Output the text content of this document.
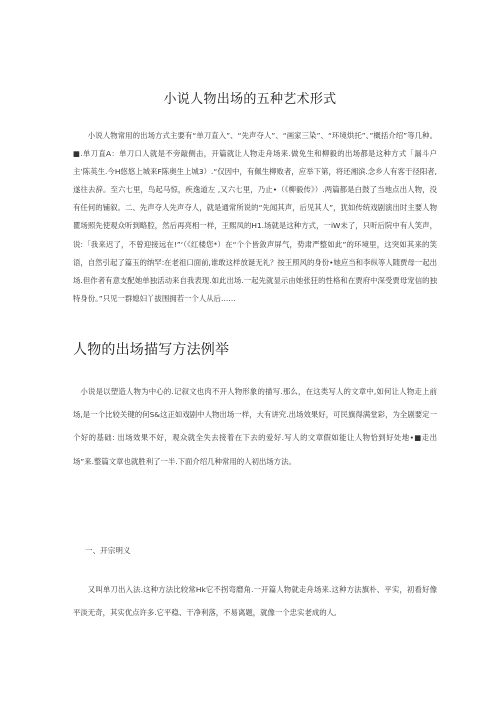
小说人物出场的五种艺术形式

小说人物常用的出场方式主要有“单刀直入”、“先声夺人”、“画家三染”、“环境烘托”、”概括介绍”等几种。■.单刀直A：单刀口人就是不旁敲侧击，开篇就让人物走舟场来.做免生和柳毅的出场都是这种方式「漏斗户主’陈英生.今H悠悠上城来F陈奥生上城3）.“仅因中，有佩生柳败者，应举下第，将还湘滨.念乡人有客于径阳者,遂往去辞。至六七里，鸟起马惊，疾逸道左 ,又六七里，乃止•（《柳毅传》）.两篇都是白鼓了当地点出人物，没有任何的铺叙。二、先声夺人先声夺人，就是通常所说的“先闻其声，后见其人”，犹如传统戏剧演出时主要人物瞿场照先使观众听到略腔，然后再亮相一样，王熙凤的H1.场就是这种方式，一iW未了，只听后院中有人笑声，说:「我来迟了，不曾迎接远在!”‘（《红楼您*）在“个个皆敛声屏气，势肃严整如此”的环境里，这突如其来的笑语，自然引起了篇玉的纳罕:在老祖口面前,谁敢这样放诞无礼？按王照风的身份•她应当和李纵等人随贾母一起出场.但作者有意支配她单独活动来自我表现.如此出场.一起先就显示由她张狂的性格和在贾府中深受贾母宠信的独特身份。”只见一群媳妇丫拔围拥若一个人从后……

人物的出场描写方法例举

小说是以塑造人物为中心的.记叙文也肉不开人物形象的描写.那么，在这类写人的文章中,如何让人物走上前场,是一个比较关键的何S&这正如戏剧中人物出场一样，大有讲究.出场效果好，可民旗得满堂彩，为全剧要定一个好的基础: 出场效果不好，观众就全失去接着在下去的爱好.写人的文章假如能让人物恰到好处地•■走出场”来.整篇文章也就胜利了一半.下面介绍几种常用的人初出场方法。

一、开宗明义

又叫单刀出入法.这种方法比较常Hk它不拐弯磨角.一开篇人物就走舟场来.这种方法旗朴、平实，初看好像平淡无奇，其实优点许多.它平稳、干净利落，不易离题，就像一个忠实老成的人,
